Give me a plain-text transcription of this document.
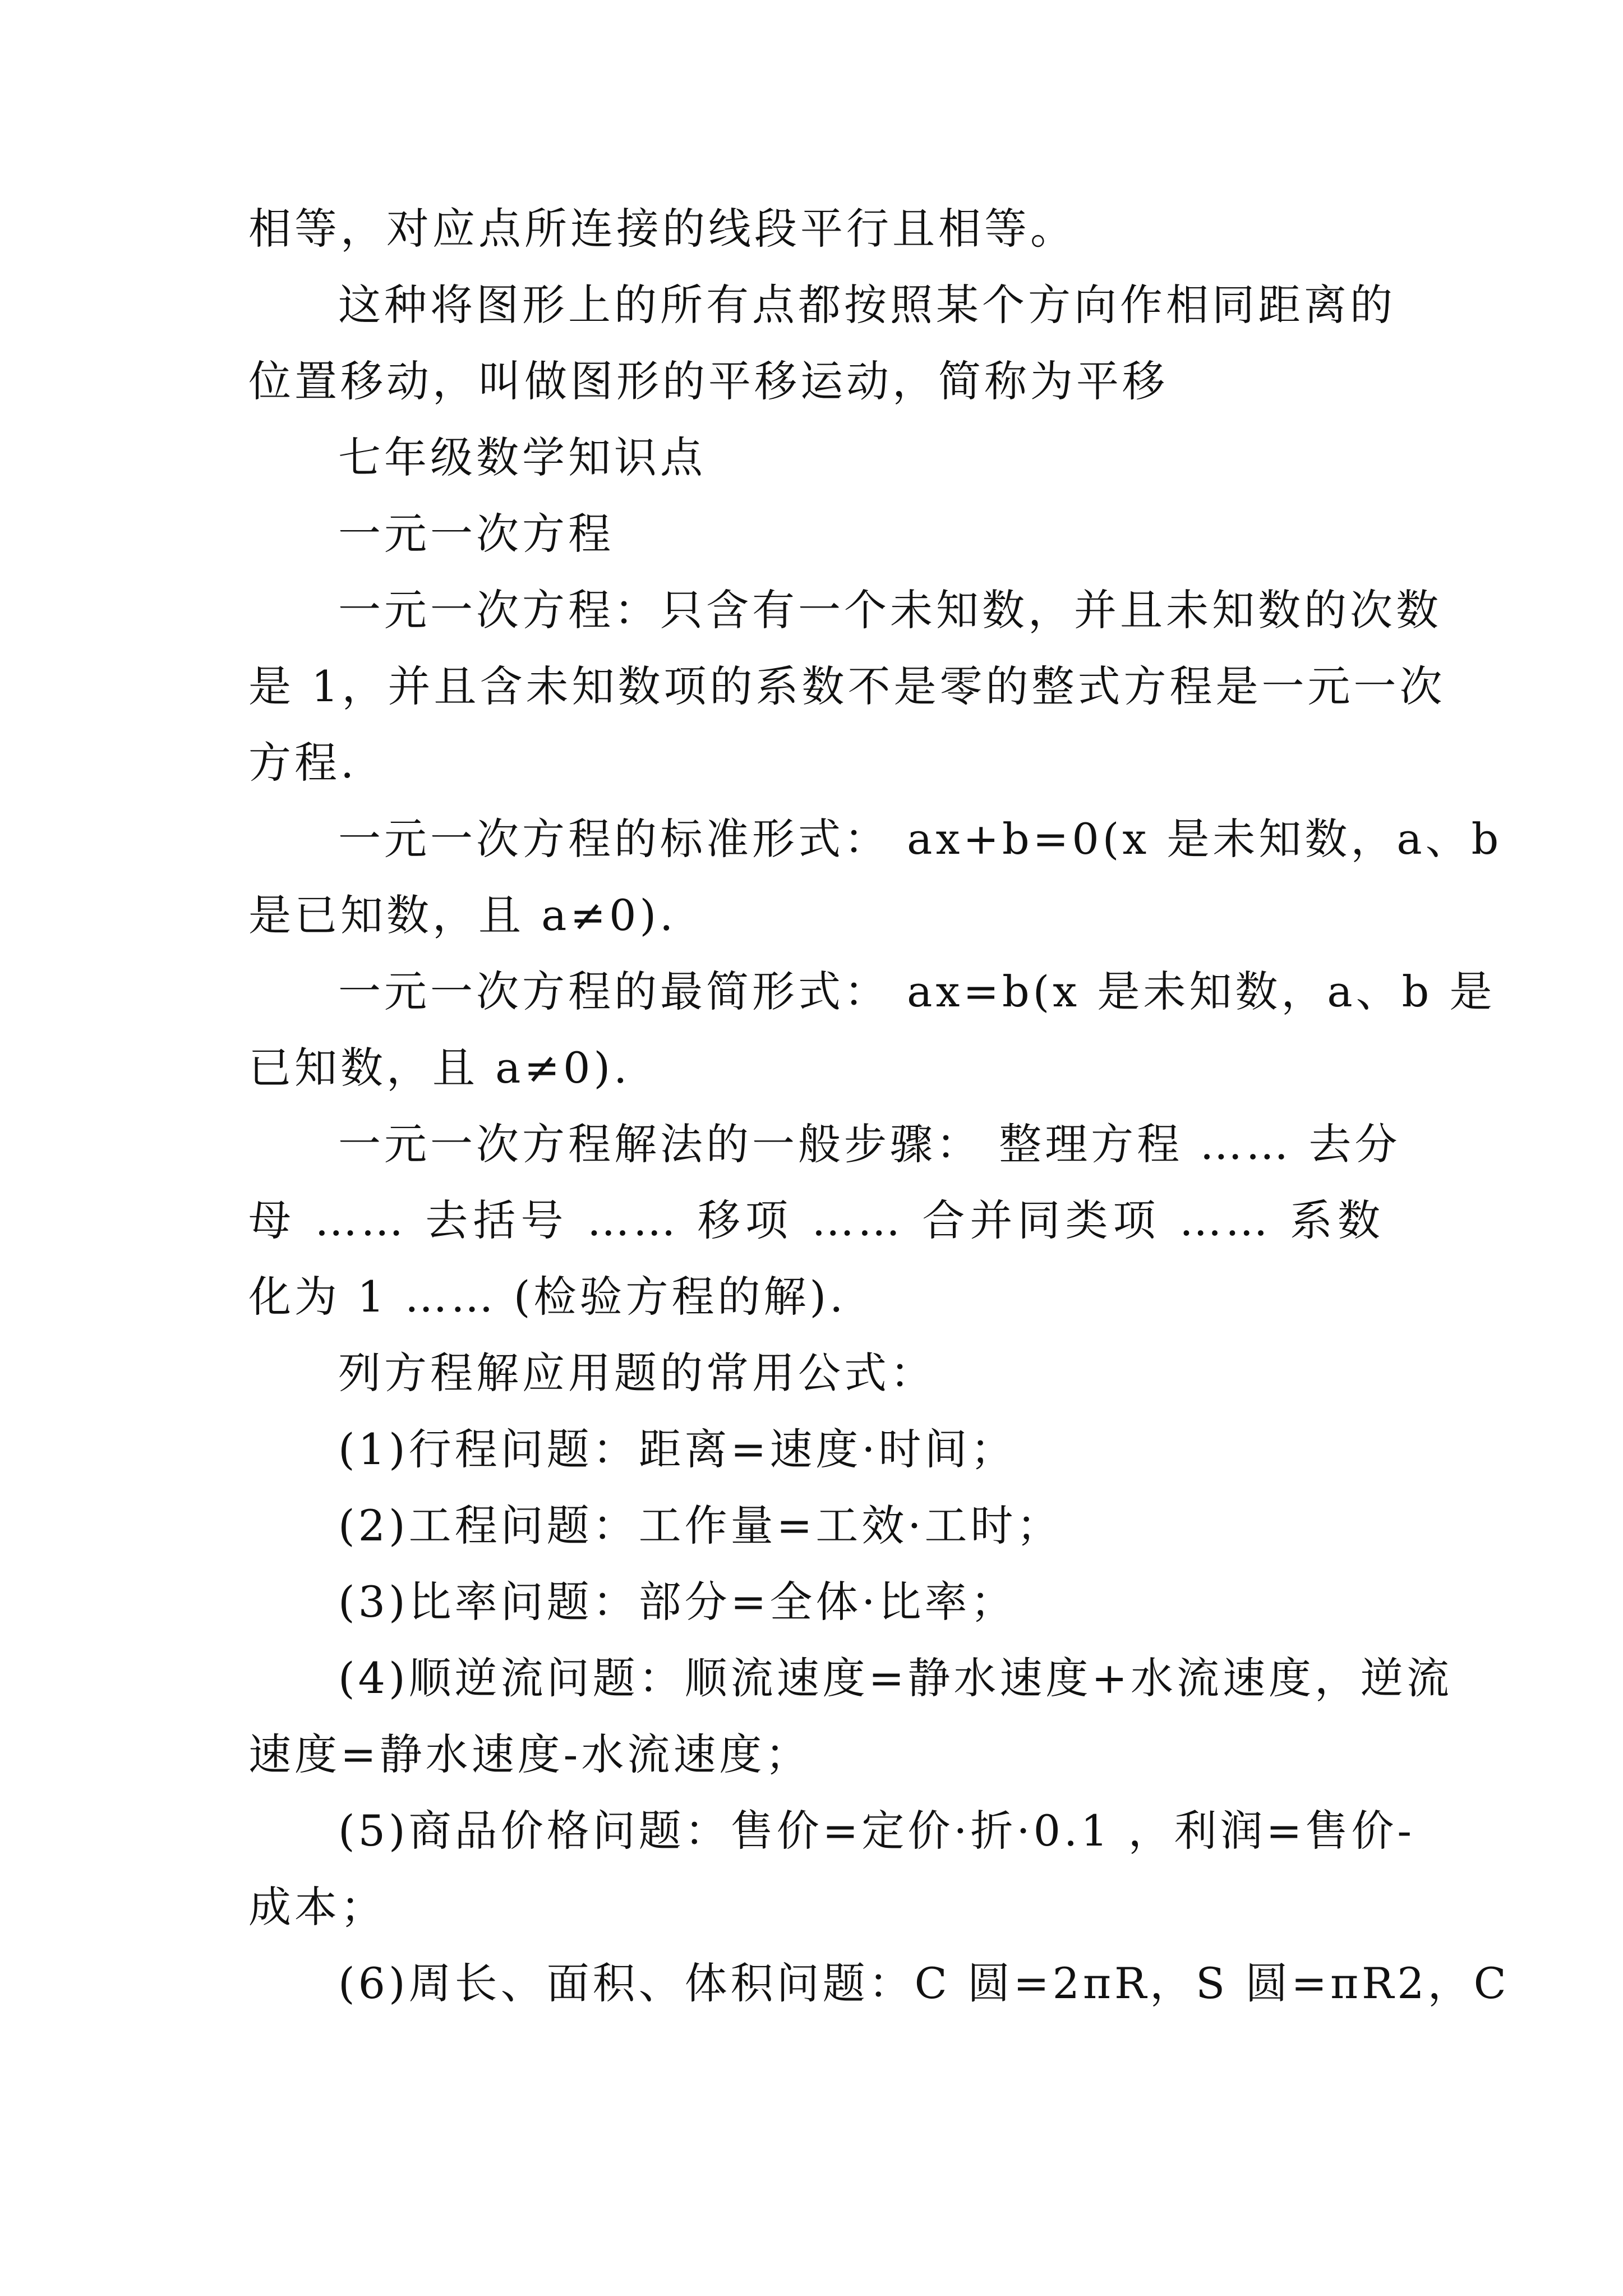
相等，对应点所连接的线段平行且相等。
这种将图形上的所有点都按照某个方向作相同距离的
位置移动，叫做图形的平移运动，简称为平移
七年级数学知识点
一元一次方程
一元一次方程：只含有一个未知数，并且未知数的次数
是 1，并且含未知数项的系数不是零的整式方程是一元一次
方程.
一元一次方程的标准形式： ax+b=0(x 是未知数，a、b
是已知数，且 a≠0).
一元一次方程的最简形式： ax=b(x 是未知数，a、b 是
已知数，且 a≠0).
一元一次方程解法的一般步骤： 整理方程 …… 去分
母 …… 去括号 …… 移项 …… 合并同类项 …… 系数
化为 1 …… (检验方程的解).
列方程解应用题的常用公式：
(1)行程问题：距离=速度·时间；
(2)工程问题：工作量=工效·工时；
(3)比率问题：部分=全体·比率；
(4)顺逆流问题：顺流速度=静水速度+水流速度，逆流
速度=静水速度-水流速度；
(5)商品价格问题：售价=定价·折·0.1 ，利润=售价-
成本；
(6)周长、面积、体积问题：C 圆=2πR，S 圆=πR2，C
